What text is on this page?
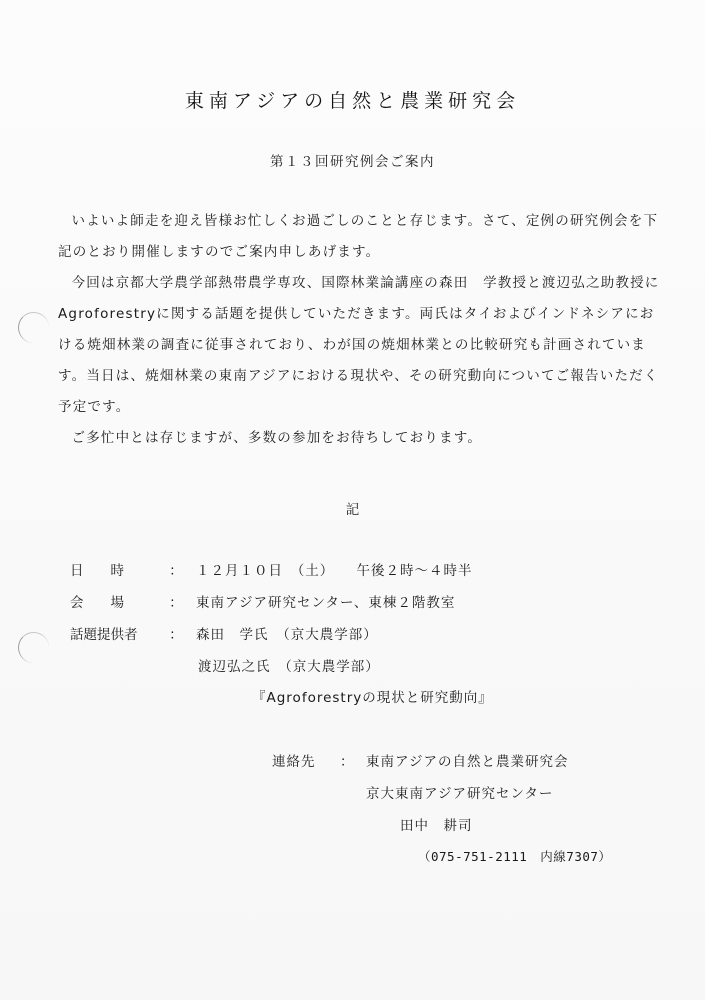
東南アジアの自然と農業研究会
第１３回研究例会ご案内

いよいよ師走を迎え皆様お忙しくお過ごしのことと存じます。さて、定例の研究例会を下記のとおり開催しますのでご案内申しあげます。

今回は京都大学農学部熱帯農学専攻、国際林業論講座の森田　学教授と渡辺弘之助教授にAgroforestryに関する話題を提供していただきます。両氏はタイおよびインドネシアにおける焼畑林業の調査に従事されており、わが国の焼畑林業との比較研究も計画されています。当日は、焼畑林業の東南アジアにおける現状や、その研究動向についてご報告いただく予定です。

ご多忙中とは存じますが、多数の参加をお待ちしております。

記
日　　時	： １２月１０日　（土）　　午後２時～４時半
会　　場	： 東南アジア研究センター、東棟２階教室
話題提供者 ： 森田　学氏　（京大農学部）
渡辺弘之氏　（京大農学部）
『Agroforestryの現状と研究動向』
連絡先 ： 東南アジアの自然と農業研究会
京大東南アジア研究センター
田中　耕司
（075-751-2111　内線7307）
